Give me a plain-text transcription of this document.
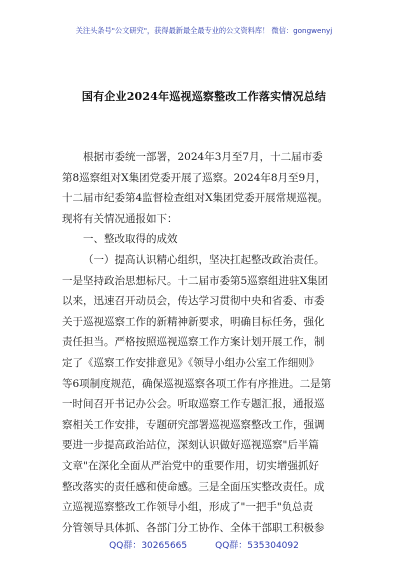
关注头条号"公文研究"，获得最新最全最专业的公文资料库！ 微信：gongwenyj
国有企业2024年巡视巡察整改工作落实情况总结
根据市委统一部署，2024年3月至7月，十二届市委
第8巡察组对X集团党委开展了巡察。2024年8月至9月，
十二届市纪委第4监督检查组对X集团党委开展常规巡视。
现将有关情况通报如下：
一、整改取得的成效
（一）提高认识精心组织，坚决扛起整改政治责任。
一是坚持政治思想标尺。十二届市委第5巡察组进驻X集团
以来，迅速召开动员会，传达学习贯彻中央和省委、市委
关于巡视巡察工作的新精神新要求，明确目标任务，强化
责任担当。严格按照巡视巡察工作方案计划开展工作，制
定了《巡察工作安排意见》《领导小组办公室工作细则》
等6项制度规范，确保巡视巡察各项工作有序推进。二是第
一时间召开书记办公会。听取巡察工作专题汇报，通报巡
察相关工作安排，专题研究部署巡视巡察整改工作，强调
要进一步提高政治站位，深刻认识做好巡视巡察"后半篇
文章"在深化全面从严治党中的重要作用，切实增强抓好
整改落实的责任感和使命感。三是全面压实整改责任。成
立巡视巡察整改工作领导小组，形成了"一把手"负总责
分管领导具体抓、各部门分工协作、全体干部职工积极参
QQ群：30265665	QQ群：535304092
